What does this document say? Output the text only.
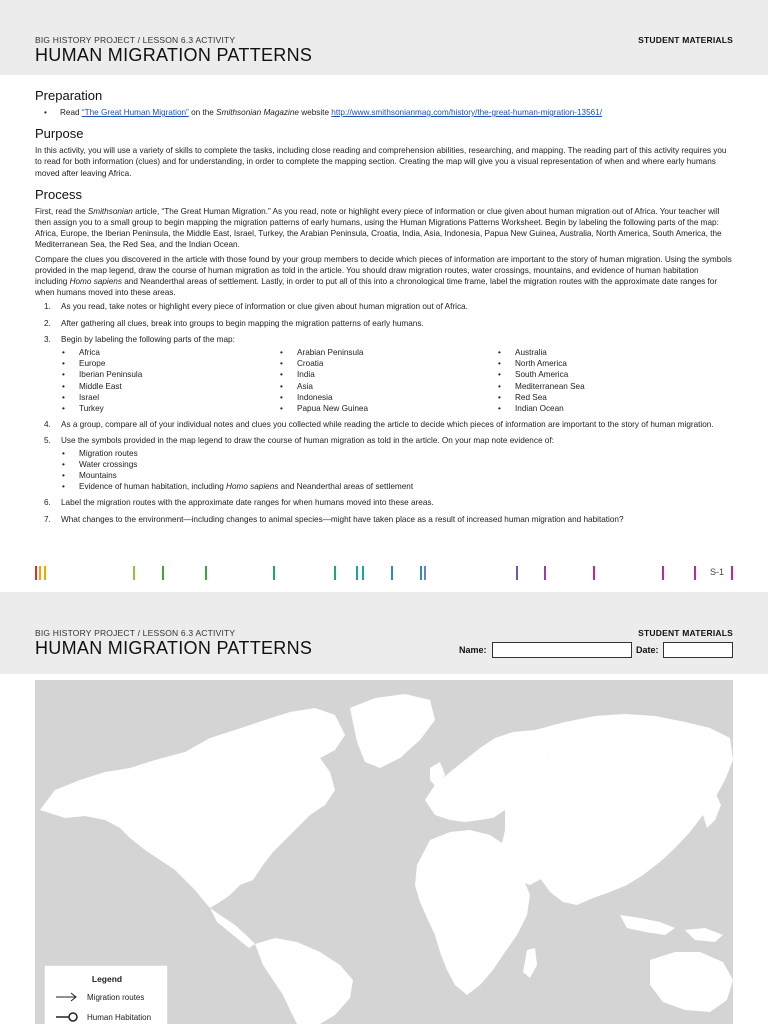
BIG HISTORY PROJECT / LESSON 6.3 ACTIVITY
HUMAN MIGRATION PATTERNS
STUDENT MATERIALS
Preparation
• Read “The Great Human Migration” on the Smithsonian Magazine website http://www.smithsonianmag.com/history/the-great-human-migration-13561/
Purpose

In this activity, you will use a variety of skills to complete the tasks, including close reading and comprehension abilities, researching, and mapping. The reading part of this activity requires you to read for both information (clues) and for understanding, in order to complete the mapping section. Creating the map will give you a visual representation of when and where early humans moved after leaving Africa.

Process

First, read the Smithsonian article, “The Great Human Migration.” As you read, note or highlight every piece of information or clue given about human migration out of Africa. Your teacher will then assign you to a small group to begin mapping the migration patterns of early humans, using the Human Migrations Patterns Worksheet. Begin by labeling the following parts of the map: Africa, Europe, the Iberian Peninsula, the Middle East, Israel, Turkey, the Arabian Peninsula, Croatia, India, Asia, Indonesia, Papua New Guinea, Australia, North America, South America, the Mediterranean Sea, the Red Sea, and the Indian Ocean.

Compare the clues you discovered in the article with those found by your group members to decide which pieces of information are important to the story of human migration. Using the symbols provided in the map legend, draw the course of human migration as told in the article. You should draw migration routes, water crossings, mountains, and evidence of human habitation including Homo sapiens and Neanderthal areas of settlement. Lastly, in order to put all of this into a chronological time frame, label the migration routes with the approximate date ranges for when humans moved into these areas.

1. As you read, take notes or highlight every piece of information or clue given about human migration out of Africa.
2. After gathering all clues, break into groups to begin mapping the migration patterns of early humans.
3. Begin by labeling the following parts of the map:
• Africa
• Europe
• Iberian Peninsula
• Middle East
• Israel
• Turkey
• Arabian Peninsula
• Croatia
• India
• Asia
• Indonesia
• Papua New Guinea
• Australia
• North America
• South America
• Mediterranean Sea
• Red Sea
• Indian Ocean
4. As a group, compare all of your individual notes and clues you collected while reading the article to decide which pieces of information are important to the story of human migration.
5. Use the symbols provided in the map legend to draw the course of human migration as told in the article. On your map note evidence of:
• Migration routes
• Water crossings
• Mountains
• Evidence of human habitation, including Homo sapiens and Neanderthal areas of settlement
6. Label the migration routes with the approximate date ranges for when humans moved into these areas.
7. What changes to the environment—including changes to animal species—might have taken place as a result of increased human migration and habitation?
S-1
BIG HISTORY PROJECT / LESSON 6.3 ACTIVITY
HUMAN MIGRATION PATTERNS
STUDENT MATERIALS
Name:	Date:
Legend
Migration routes
Human Habitation
